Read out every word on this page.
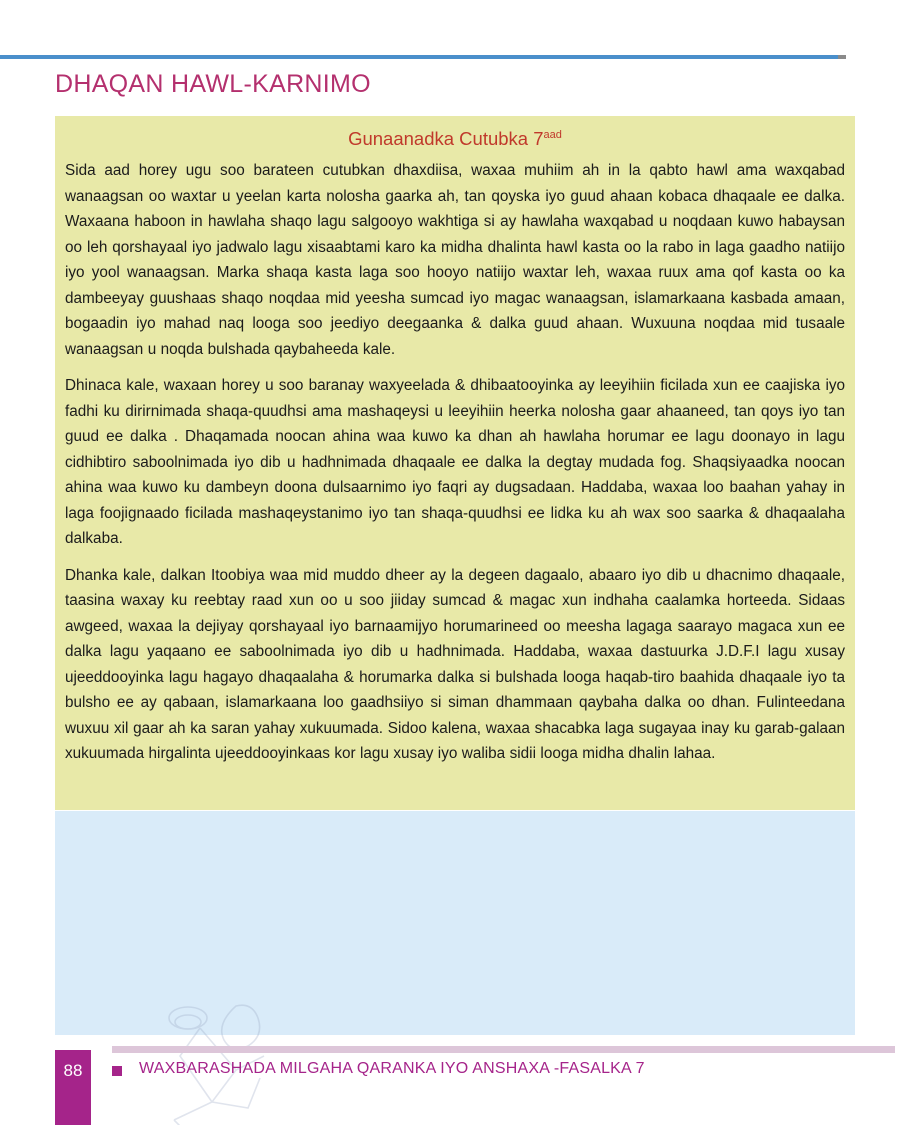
DHAQAN HAWL-KARNIMO
Gunaanadka Cutubka $7^{aad}$

Sida aad horey ugu soo barateen cutubkan dhaxdiisa, waxaa muhiim ah in la qabto hawl ama waxqabad wanaagsan oo waxtar u yeelan karta nolosha gaarka ah, tan qoyska iyo guud ahaan kobaca dhaqaale ee dalka. Waxaana haboon in hawlaha shaqo lagu salgooyo wakhtiga si ay hawlaha waxqabad u noqdaan kuwo habaysan oo leh qorshayaal iyo jadwalo lagu xisaabtami karo ka midha dhalinta hawl kasta oo la rabo in laga gaadho natiijo iyo yool wanaagsan. Marka shaqa kasta laga soo hooyo natiijo waxtar leh, waxaa ruux ama qof kasta oo ka dambeeyay guushaas shaqo noqdaa mid yeesha sumcad iyo magac wanaagsan, islamarkaana kasbada amaan, bogaadin iyo mahad naq looga soo jeediyo deegaanka & dalka guud ahaan. Wuxuuna noqdaa mid tusaale wanaagsan u noqda bulshada qaybaheeda kale.

Dhinaca kale, waxaan horey u soo baranay waxyeelada & dhibaatooyinka ay leeyihiin ficilada xun ee caajiska iyo fadhi ku dirirnimada shaqa-quudhsi ama mashaqeysi u leeyihiin heerka nolosha gaar ahaaneed, tan qoys iyo tan guud ee dalka . Dhaqamada noocan ahina waa kuwo ka dhan ah hawlaha horumar ee lagu doonayo in lagu cidhibtiro saboolnimada iyo dib u hadhnimada dhaqaale ee dalka la degtay mudada fog. Shaqsiyaadka noocan ahina waa kuwo ku dambeyn doona dulsaarnimo iyo faqri ay dugsadaan. Haddaba, waxaa loo baahan yahay in laga foojignaado ficilada mashaqeystanimo iyo tan shaqa-quudhsi ee lidka ku ah wax soo saarka & dhaqaalaha dalkaba.

Dhanka kale, dalkan Itoobiya waa mid muddo dheer ay la degeen dagaalo, abaaro iyo dib u dhacnimo dhaqaale, taasina waxay ku reebtay raad xun oo u soo jiiday sumcad & magac xun indhaha caalamka horteeda. Sidaas awgeed, waxaa la dejiyay qorshayaal iyo barnaamijyo horumarineed oo meesha lagaga saarayo magaca xun ee dalka lagu yaqaano ee saboolnimada iyo dib u hadhnimada. Haddaba, waxaa dastuurka J.D.F.I lagu xusay ujeeddooyinka lagu hagayo dhaqaalaha & horumarka dalka si bulshada looga haqab-tiro baahida dhaqaale iyo ta bulsho ee ay qabaan, islamarkaana loo gaadhsiiyo si siman dhammaan qaybaha dalka oo dhan. Fulinteedana wuxuu xil gaar ah ka saran yahay xukuumada. Sidoo kalena, waxaa shacabka laga sugayaa inay ku garab-galaan xukuumada hirgalinta ujeeddooyinkaas kor lagu xusay iyo waliba sidii looga midha dhalin lahaa.

88	WAXBARASHADA MILGAHA QARANKA IYO ANSHAXA -FASALKA 7
